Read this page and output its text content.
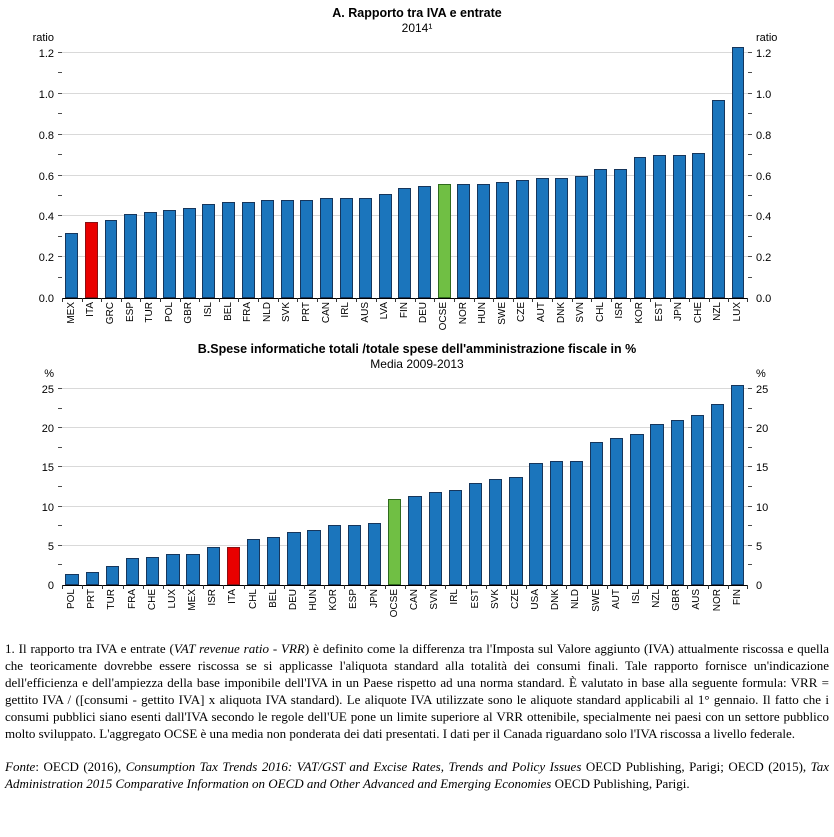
A. Rapporto tra IVA e entrate
2014¹
ratio
0.0
0.2
0.4
0.6
0.8
1.0
1.2
MEX ITA GRC ESP TUR POL GBR ISL BEL FRA NLD SVK PRT CAN IRL AUS LVA FIN DEU OCSE NOR HUN SWE CZE AUT DNK SVN CHL ISR KOR EST JPN CHE NZL LUX
ratio
0.0
0.2
0.4
0.6
0.8
1.0
1.2
B.Spese informatiche totali /totale spese dell'amministrazione fiscale in %
Media 2009-2013
%
0
5
10
15
20
25
POL PRT TUR FRA CHE LUX MEX ISR ITA CHL BEL DEU HUN KOR ESP JPN OCSE CAN SVN IRL EST SVK CZE USA DNK NLD SWE AUT ISL NZL GBR AUS NOR FIN
%
0
5
10
15
20
25

1. Il rapporto tra IVA e entrate (VAT revenue ratio - VRR) è definito come la differenza tra l'Imposta sul Valore aggiunto (IVA) attualmente riscossa e quella che teoricamente dovrebbe essere riscossa se si applicasse l'aliquota standard alla totalità dei consumi finali. Tale rapporto fornisce un'indicazione dell'efficienza e dell'ampiezza della base imponibile dell'IVA in un Paese rispetto ad una norma standard. È valutato in base alla seguente formula: VRR = gettito IVA / ([consumi - gettito IVA] x aliquota IVA standard). Le aliquote IVA utilizzate sono le aliquote standard applicabili al 1° gennaio. Il fatto che i consumi pubblici siano esenti dall'IVA secondo le regole dell'UE pone un limite superiore al VRR ottenibile, specialmente nei paesi con un settore pubblico molto sviluppato. L'aggregato OCSE è una media non ponderata dei dati presentati. I dati per il Canada riguardano solo l'IVA riscossa a livello federale.

Fonte: OECD (2016), Consumption Tax Trends 2016: VAT/GST and Excise Rates, Trends and Policy Issues OECD Publishing, Parigi; OECD (2015), Tax Administration 2015 Comparative Information on OECD and Other Advanced and Emerging Economies OECD Publishing, Parigi.
